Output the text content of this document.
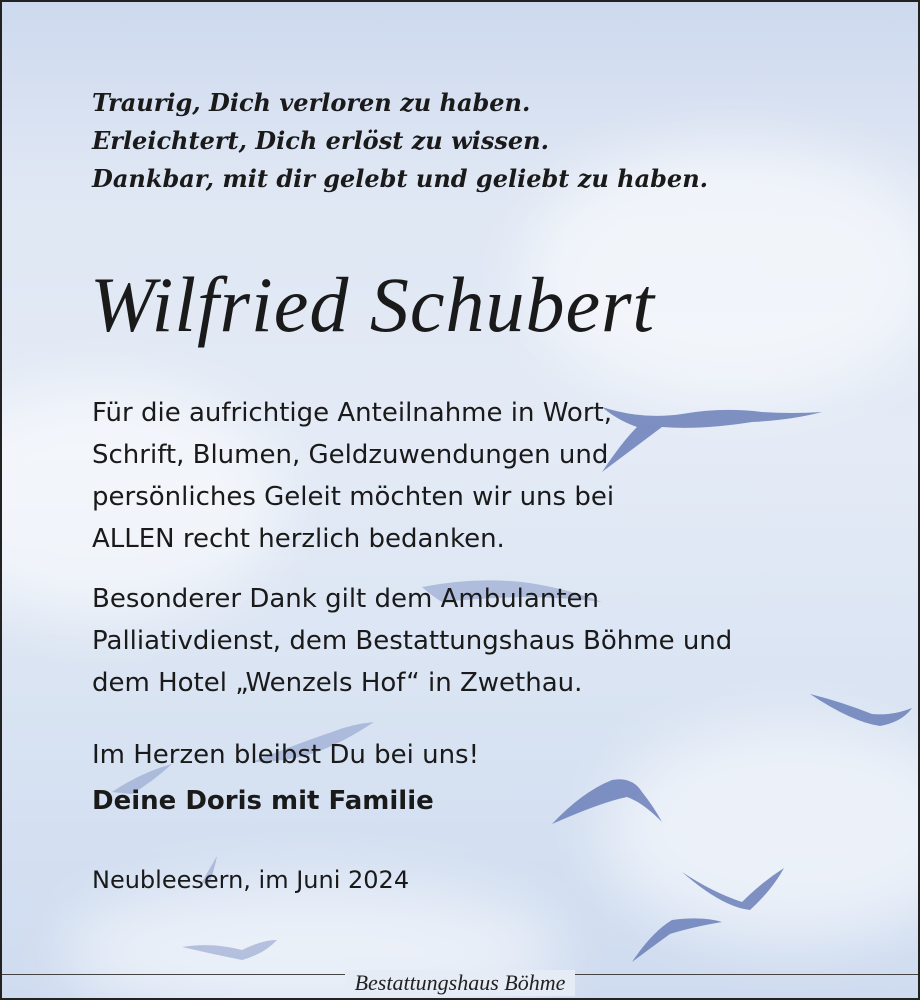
Traurig, Dich verloren zu haben.
Erleichtert, Dich erlöst zu wissen.
Dankbar, mit dir gelebt und geliebt zu haben.
Wilfried Schubert
Für die aufrichtige Anteilnahme in Wort,
Schrift, Blumen, Geldzuwendungen und
persönliches Geleit möchten wir uns bei
ALLEN recht herzlich bedanken.
Besonderer Dank gilt dem Ambulanten
Palliativdienst, dem Bestattungshaus Böhme und
dem Hotel „Wenzels Hof“ in Zwethau.
Im Herzen bleibst Du bei uns!
Deine Doris mit Familie
Neubleesern, im Juni 2024
Bestattungshaus Böhme
